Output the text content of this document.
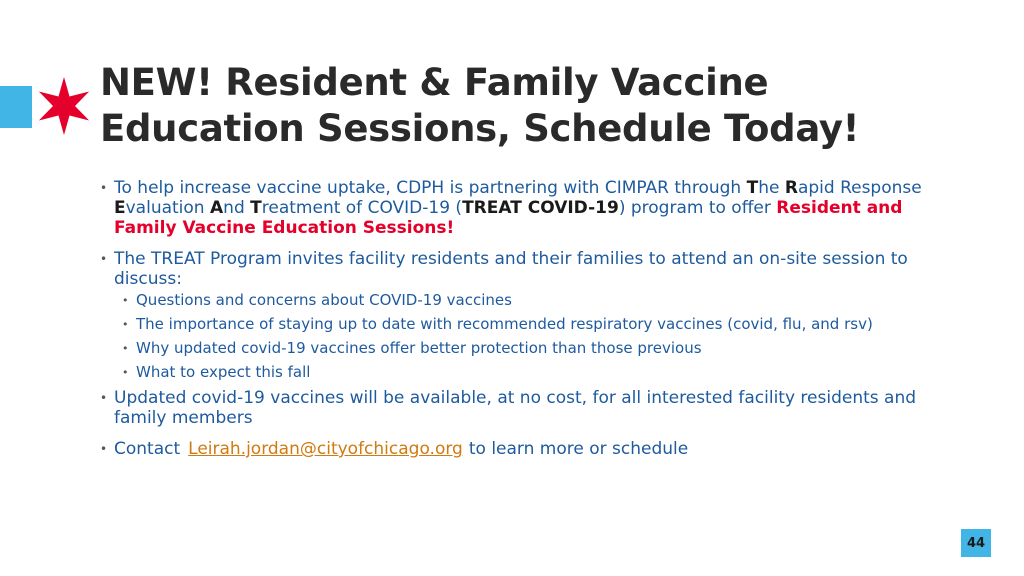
NEW! Resident & Family Vaccine
Education Sessions, Schedule Today!
• To help increase vaccine uptake, CDPH is partnering with CIMPAR through The Rapid Response Evaluation And Treatment of COVID-19 (TREAT COVID-19) program to offer Resident and Family Vaccine Education Sessions!
• The TREAT Program invites facility residents and their families to attend an on-site session to discuss:
• Questions and concerns about COVID-19 vaccines
• The importance of staying up to date with recommended respiratory vaccines (covid, flu, and rsv)
• Why updated covid-19 vaccines offer better protection than those previous
• What to expect this fall
• Updated covid-19 vaccines will be available, at no cost, for all interested facility residents and family members
• Contact Leirah.jordan@cityofchicago.org to learn more or schedule
44
